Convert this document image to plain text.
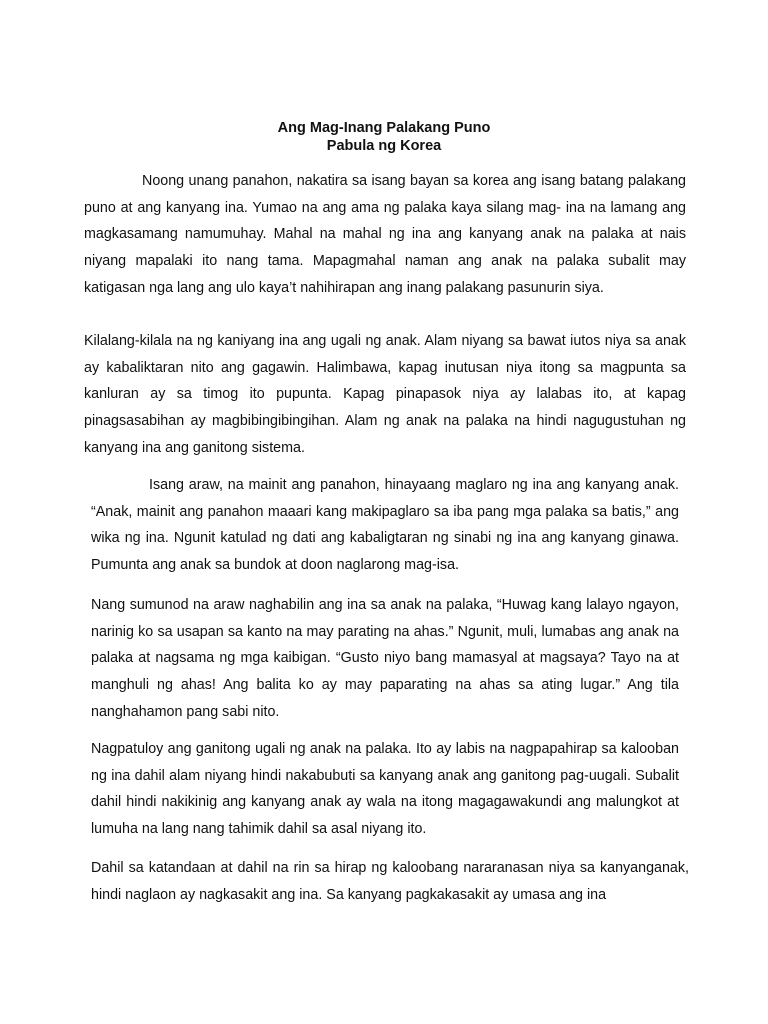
Ang Mag-Inang Palakang Puno
Pabula ng Korea

Noong unang panahon, nakatira sa isang bayan sa korea ang isang batang palakang puno at ang kanyang ina. Yumao na ang ama ng palaka kaya silang mag- ina na lamang ang magkasamang namumuhay. Mahal na mahal ng ina ang kanyang anak na palaka at nais niyang mapalaki ito nang tama. Mapagmahal naman ang anak na palaka subalit may katigasan nga lang ang ulo kaya’t nahihirapan ang inang palakang pasunurin siya.

Kilalang-kilala na ng kaniyang ina ang ugali ng anak. Alam niyang sa bawat iutos niya sa anak ay kabaliktaran nito ang gagawin. Halimbawa, kapag inutusan niya itong sa magpunta sa kanluran ay sa timog ito pupunta. Kapag pinapasok niya ay lalabas ito, at kapag pinagsasabihan ay magbibingibingihan. Alam ng anak na palaka na hindi nagugustuhan ng kanyang ina ang ganitong sistema.

Isang araw, na mainit ang panahon, hinayaang maglaro ng ina ang kanyang anak. “Anak, mainit ang panahon maaari kang makipaglaro sa iba pang mga palaka sa batis,” ang wika ng ina. Ngunit katulad ng dati ang kabaligtaran ng sinabi ng ina ang kanyang ginawa. Pumunta ang anak sa bundok at doon naglarong mag-isa.

Nang sumunod na araw naghabilin ang ina sa anak na palaka, “Huwag kang lalayo ngayon, narinig ko sa usapan sa kanto na may parating na ahas.” Ngunit, muli, lumabas ang anak na palaka at nagsama ng mga kaibigan. “Gusto niyo bang mamasyal at magsaya? Tayo na at manghuli ng ahas! Ang balita ko ay may paparating na ahas sa ating lugar.” Ang tila nanghahamon pang sabi nito.

Nagpatuloy ang ganitong ugali ng anak na palaka. Ito ay labis na nagpapahirap sa kalooban ng ina dahil alam niyang hindi nakabubuti sa kanyang anak ang ganitong pag-uugali. Subalit dahil hindi nakikinig ang kanyang anak ay wala na itong magagawakundi ang malungkot at lumuha na lang nang tahimik dahil sa asal niyang ito.

Dahil sa katandaan at dahil na rin sa hirap ng kaloobang nararanasan niya sa kanyanganak, hindi naglaon ay nagkasakit ang ina. Sa kanyang pagkakasakit ay umasa ang ina
